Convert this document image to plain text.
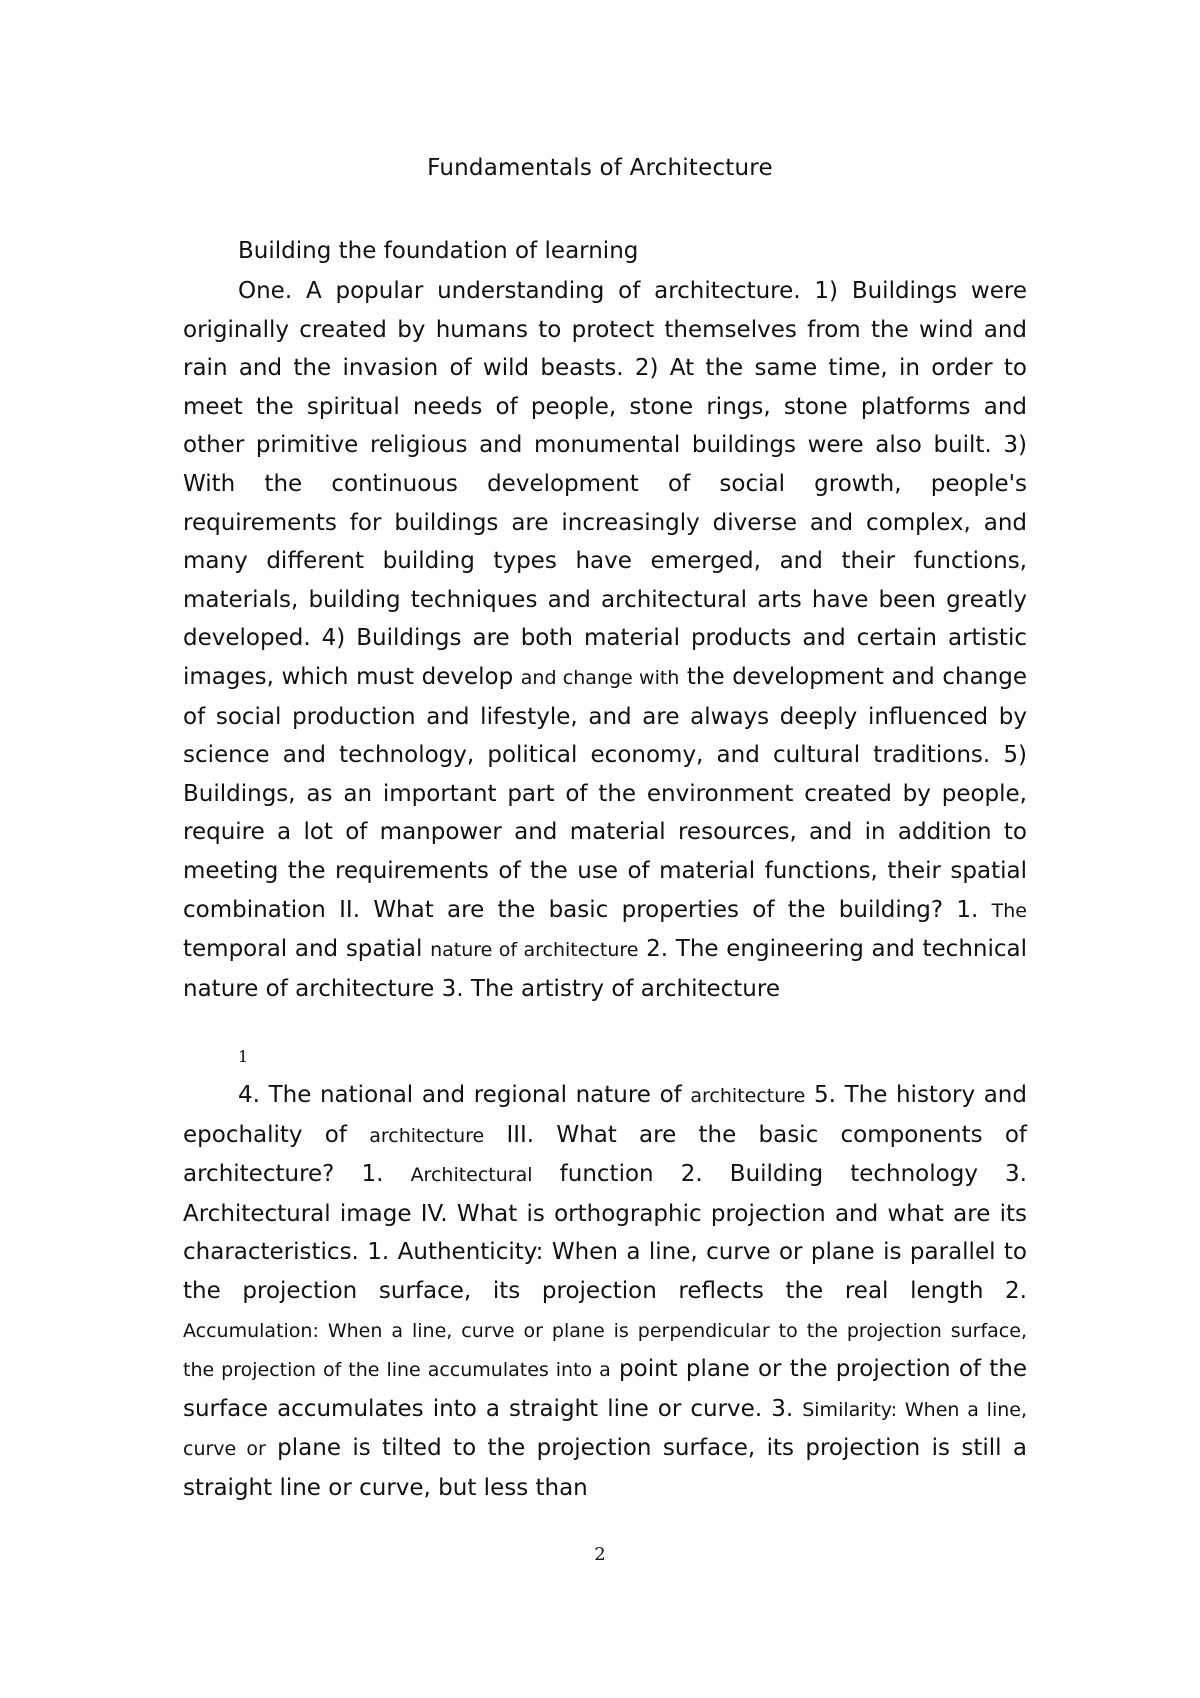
Fundamentals of Architecture
Building the foundation of learning

One. A popular understanding of architecture. 1) Buildings were originally created by humans to protect themselves from the wind and rain and the invasion of wild beasts. 2) At the same time, in order to meet the spiritual needs of people, stone rings, stone platforms and other primitive religious and monumental buildings were also built. 3) With the continuous development of social growth, people's requirements for buildings are increasingly diverse and complex, and many different building types have emerged, and their functions, materials, building techniques and architectural arts have been greatly developed. 4) Buildings are both material products and certain artistic images, which must develop and change with the development and change of social production and lifestyle, and are always deeply influenced by science and technology, political economy, and cultural traditions. 5) Buildings, as an important part of the environment created by people, require a lot of manpower and material resources, and in addition to meeting the requirements of the use of material functions, their spatial combination II. What are the basic properties of the building? 1. The temporal and spatial nature of architecture 2. The engineering and technical nature of architecture 3. The artistry of architecture

1

4. The national and regional nature of architecture 5. The history and epochality of architecture III. What are the basic components of architecture? 1. Architectural function 2. Building technology 3. Architectural image IV. What is orthographic projection and what are its characteristics. 1. Authenticity: When a line, curve or plane is parallel to the projection surface, its projection reflects the real length 2. Accumulation: When a line, curve or plane is perpendicular to the projection surface, the projection of the line accumulates into a point plane or the projection of the surface accumulates into a straight line or curve. 3. Similarity: When a line, curve or plane is tilted to the projection surface, its projection is still a straight line or curve, but less than

2
